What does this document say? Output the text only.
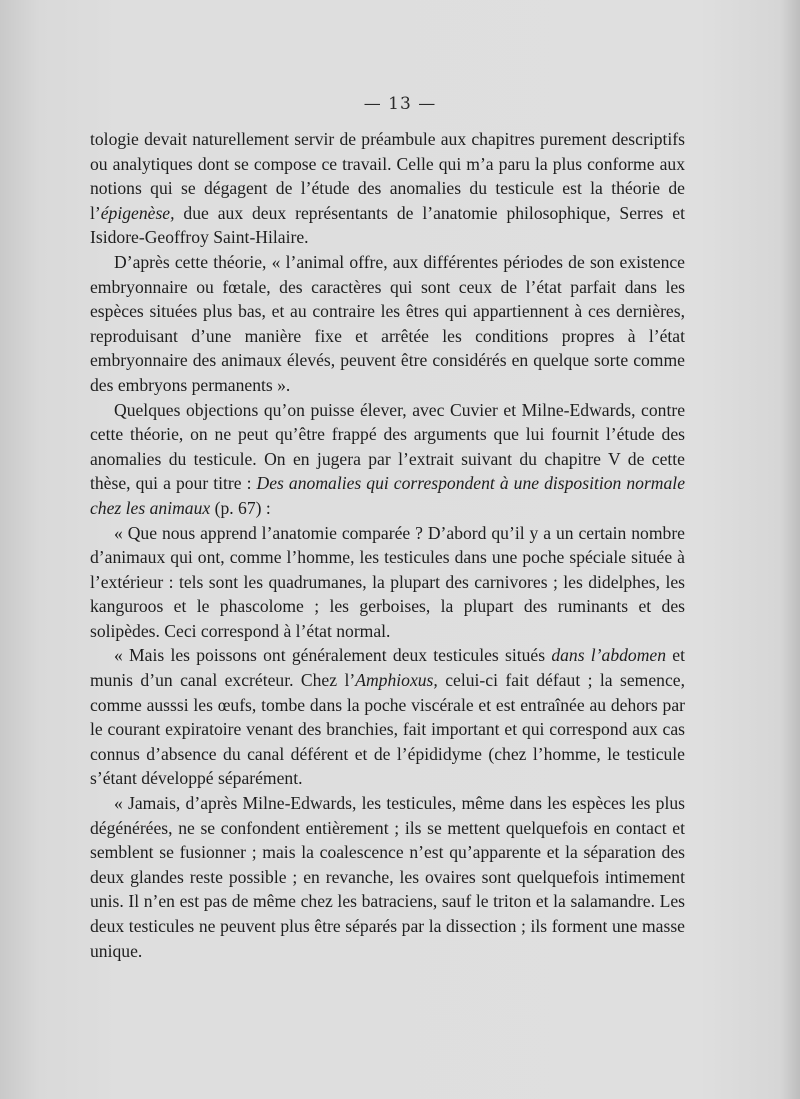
— 13 —

tologie devait naturellement servir de préambule aux chapitres purement descriptifs ou analytiques dont se compose ce travail. Celle qui m’a paru la plus conforme aux notions qui se dégagent de l’étude des anomalies du testicule est la théorie de l’épigenèse, due aux deux représentants de l’anatomie philosophique, Serres et Isidore-Geoffroy Saint-Hilaire.

D’après cette théorie, « l’animal offre, aux différentes périodes de son existence embryonnaire ou fœtale, des caractères qui sont ceux de l’état parfait dans les espèces situées plus bas, et au contraire les êtres qui appartiennent à ces dernières, reproduisant d’une manière fixe et arrêtée les conditions propres à l’état embryonnaire des animaux élevés, peuvent être considérés en quelque sorte comme des embryons permanents ».

Quelques objections qu’on puisse élever, avec Cuvier et Milne-Edwards, contre cette théorie, on ne peut qu’être frappé des arguments que lui fournit l’étude des anomalies du testicule. On en jugera par l’extrait suivant du chapitre V de cette thèse, qui a pour titre : Des anomalies qui correspondent à une disposition normale chez les animaux (p. 67) :

« Que nous apprend l’anatomie comparée ? D’abord qu’il y a un certain nombre d’animaux qui ont, comme l’homme, les testicules dans une poche spéciale située à l’extérieur : tels sont les quadrumanes, la plupart des carnivores ; les didelphes, les kanguroos et le phascolome ; les gerboises, la plupart des ruminants et des solipèdes. Ceci correspond à l’état normal.

« Mais les poissons ont généralement deux testicules situés dans l’abdomen et munis d’un canal excréteur. Chez l’Amphioxus, celui-ci fait défaut ; la semence, comme ausssi les œufs, tombe dans la poche viscérale et est entraînée au dehors par le courant expiratoire venant des branchies, fait important et qui correspond aux cas connus d’absence du canal déférent et de l’épididyme (chez l’homme, le testicule s’étant développé séparément.

« Jamais, d’après Milne-Edwards, les testicules, même dans les espèces les plus dégénérées, ne se confondent entièrement ; ils se mettent quelquefois en contact et semblent se fusionner ; mais la coalescence n’est qu’apparente et la séparation des deux glandes reste possible ; en revanche, les ovaires sont quelquefois intimement unis. Il n’en est pas de même chez les batraciens, sauf le triton et la salamandre. Les deux testicules ne peuvent plus être séparés par la dissection ; ils forment une masse unique.
